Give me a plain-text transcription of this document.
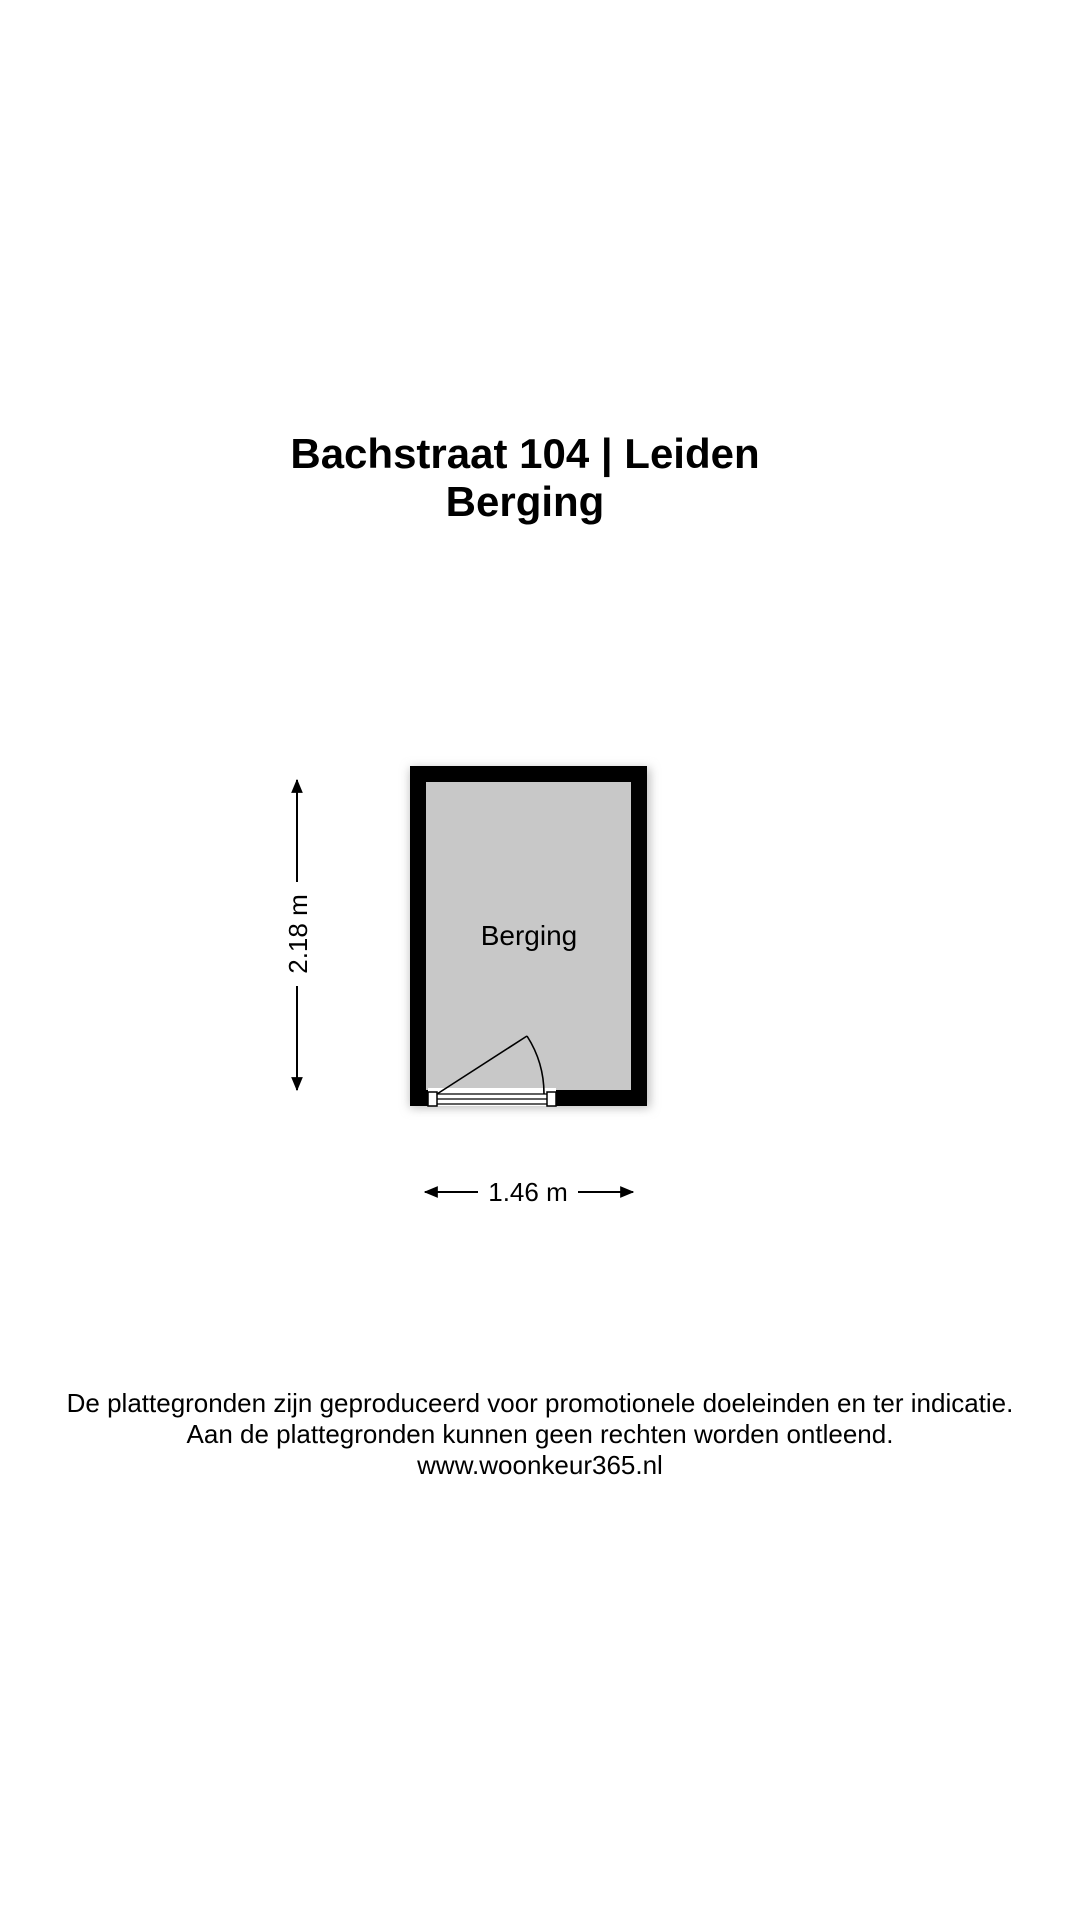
Bachstraat 104 | Leiden
Berging
Berging
2.18 m
1.46 m
De plattegronden zijn geproduceerd voor promotionele doeleinden en ter indicatie.
Aan de plattegronden kunnen geen rechten worden ontleend.
www.woonkeur365.nl
